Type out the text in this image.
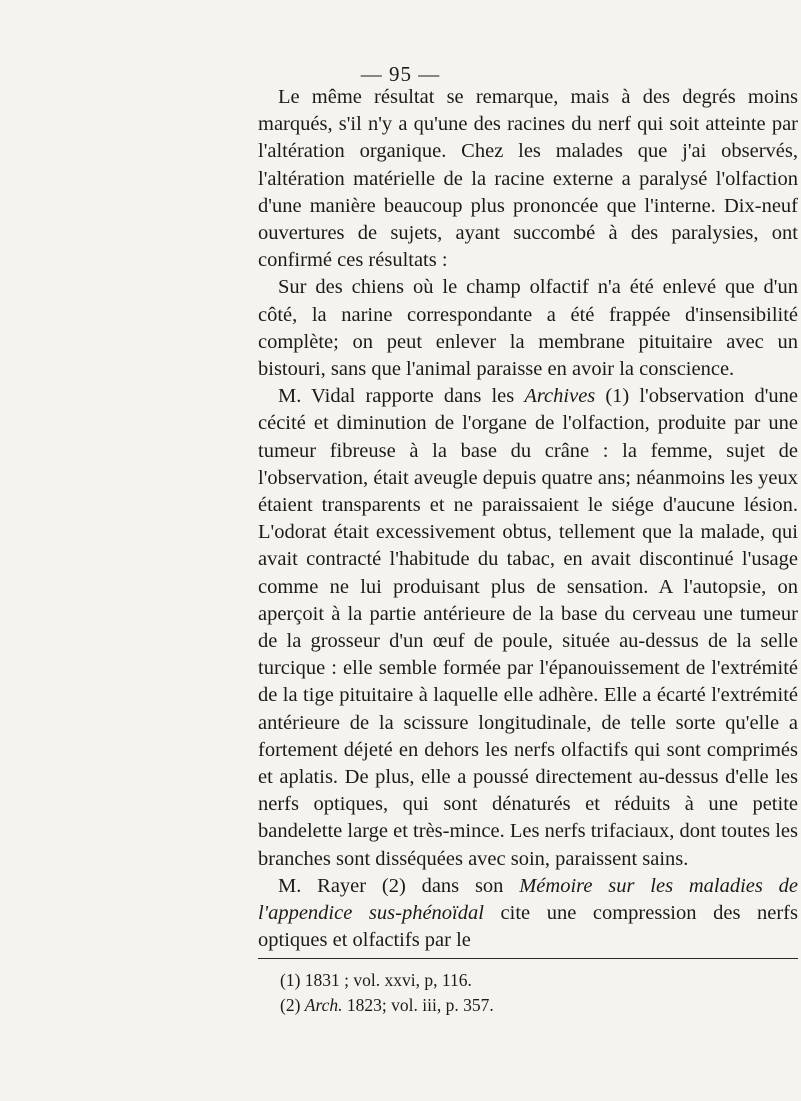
— 95 —

Le même résultat se remarque, mais à des degrés moins marqués, s'il n'y a qu'une des racines du nerf qui soit atteinte par l'altération organique. Chez les malades que j'ai observés, l'altération matérielle de la racine externe a paralysé l'olfaction d'une manière beaucoup plus prononcée que l'interne. Dix-neuf ouvertures de sujets, ayant succombé à des paralysies, ont confirmé ces résultats :

Sur des chiens où le champ olfactif n'a été enlevé que d'un côté, la narine correspondante a été frappée d'insensibilité complète; on peut enlever la membrane pituitaire avec un bistouri, sans que l'animal paraisse en avoir la conscience.

M. Vidal rapporte dans les Archives (1) l'observation d'une cécité et diminution de l'organe de l'olfaction, produite par une tumeur fibreuse à la base du crâne : la femme, sujet de l'observation, était aveugle depuis quatre ans; néanmoins les yeux étaient transparents et ne paraissaient le siége d'aucune lésion. L'odorat était excessivement obtus, tellement que la malade, qui avait contracté l'habitude du tabac, en avait discontinué l'usage comme ne lui produisant plus de sensation. A l'autopsie, on aperçoit à la partie antérieure de la base du cerveau une tumeur de la grosseur d'un œuf de poule, située au-dessus de la selle turcique : elle semble formée par l'épanouissement de l'extrémité de la tige pituitaire à laquelle elle adhère. Elle a écarté l'extrémité antérieure de la scissure longitudinale, de telle sorte qu'elle a fortement déjeté en dehors les nerfs olfactifs qui sont comprimés et aplatis. De plus, elle a poussé directement au-dessus d'elle les nerfs optiques, qui sont dénaturés et réduits à une petite bandelette large et très-mince. Les nerfs trifaciaux, dont toutes les branches sont disséquées avec soin, paraissent sains.

M. Rayer (2) dans son Mémoire sur les maladies de l'appendice sus-phénoïdal cite une compression des nerfs optiques et olfactifs par le

(1) 1831 ; vol. xxvi, p, 116.
(2) Arch. 1823; vol. iii, p. 357.
